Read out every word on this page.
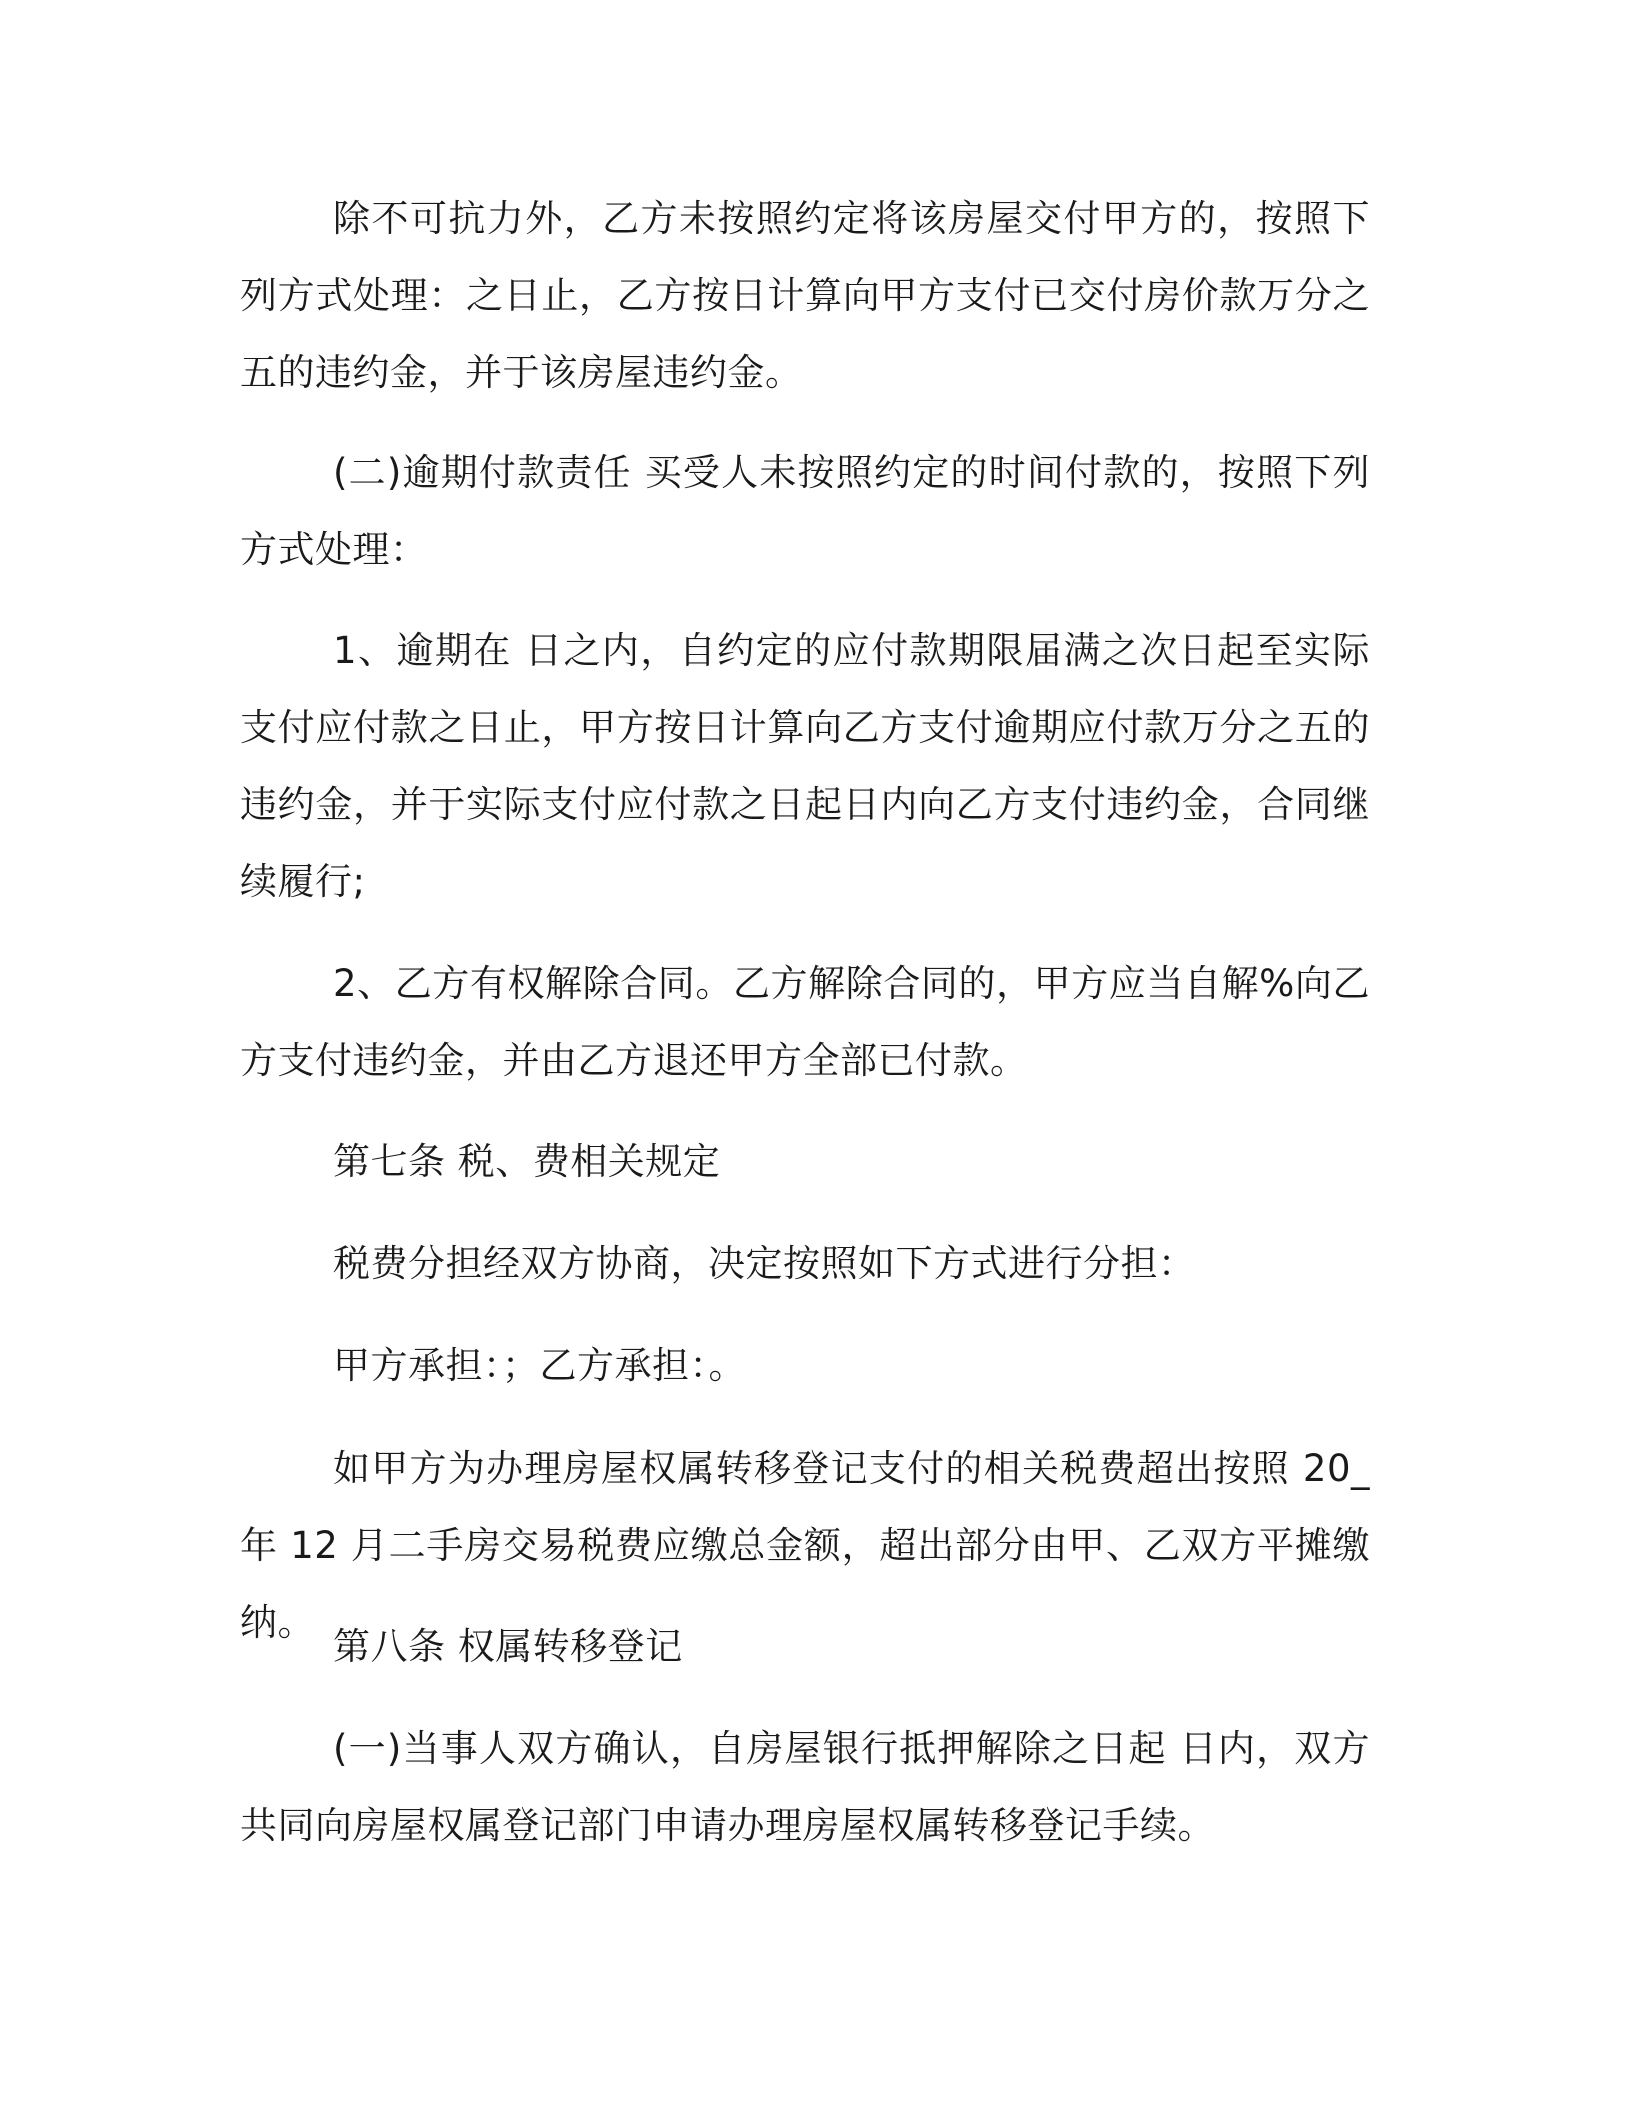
除不可抗力外，乙方未按照约定将该房屋交付甲方的，按照下列方式处理：之日止，乙方按日计算向甲方支付已交付房价款万分之五的违约金，并于该房屋违约金。

(二)逾期付款责任 买受人未按照约定的时间付款的，按照下列方式处理：

1、逾期在 日之内，自约定的应付款期限届满之次日起至实际支付应付款之日止，甲方按日计算向乙方支付逾期应付款万分之五的违约金，并于实际支付应付款之日起日内向乙方支付违约金，合同继续履行;

2、乙方有权解除合同。乙方解除合同的，甲方应当自解%向乙方支付违约金，并由乙方退还甲方全部已付款。

第七条 税、费相关规定

税费分担经双方协商，决定按照如下方式进行分担：

甲方承担：；乙方承担：。

如甲方为办理房屋权属转移登记支付的相关税费超出按照 20_年 12 月二手房交易税费应缴总金额，超出部分由甲、乙双方平摊缴纳。

第八条 权属转移登记

(一)当事人双方确认，自房屋银行抵押解除之日起 日内，双方共同向房屋权属登记部门申请办理房屋权属转移登记手续。
